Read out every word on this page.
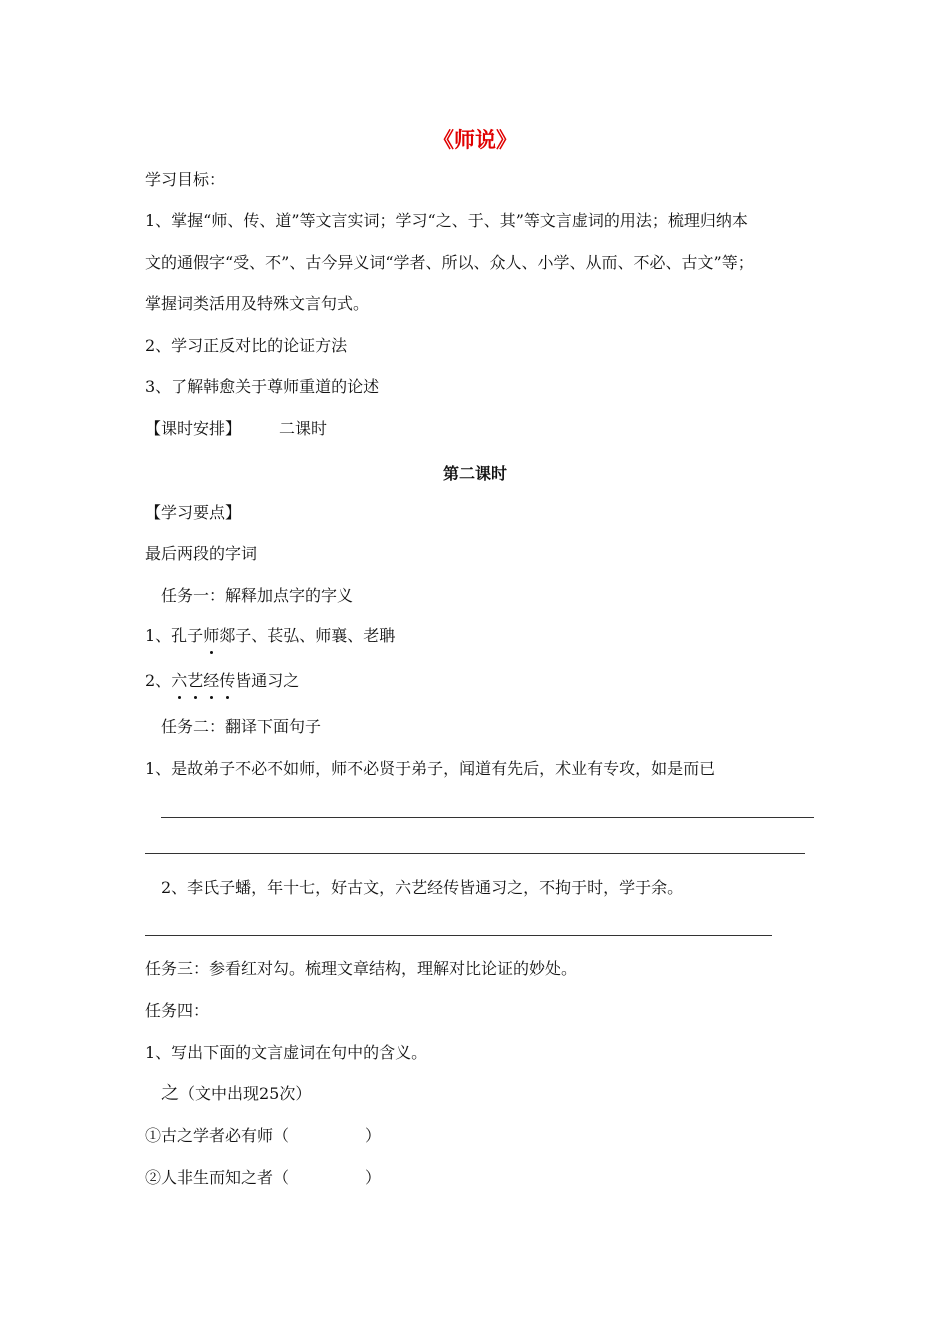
《师说》
学习目标：
1、掌握“师、传、道”等文言实词；学习“之、于、其”等文言虚词的用法；梳理归纳本
文的通假字“受、不”、古今异义词“学者、所以、众人、小学、从而、不必、古文”等；
掌握词类活用及特殊文言句式。
2、学习正反对比的论证方法
3、了解韩愈关于尊师重道的论述
【课时安排】 二课时
第二课时
【学习要点】
最后两段的字词
任务一：解释加点字的字义
1、孔子师郯子、苌弘、师襄、老聃
2、六艺经传皆通习之
任务二：翻译下面句子
1、是故弟子不必不如师，师不必贤于弟子，闻道有先后，术业有专攻，如是而已
2、李氏子蟠，年十七，好古文，六艺经传皆通习之，不拘于时，学于余。
任务三：参看红对勾。梳理文章结构，理解对比论证的妙处。
任务四：
1、写出下面的文言虚词在句中的含义。
之（文中出现25次）
①古之学者必有师（	）
②人非生而知之者（	）
